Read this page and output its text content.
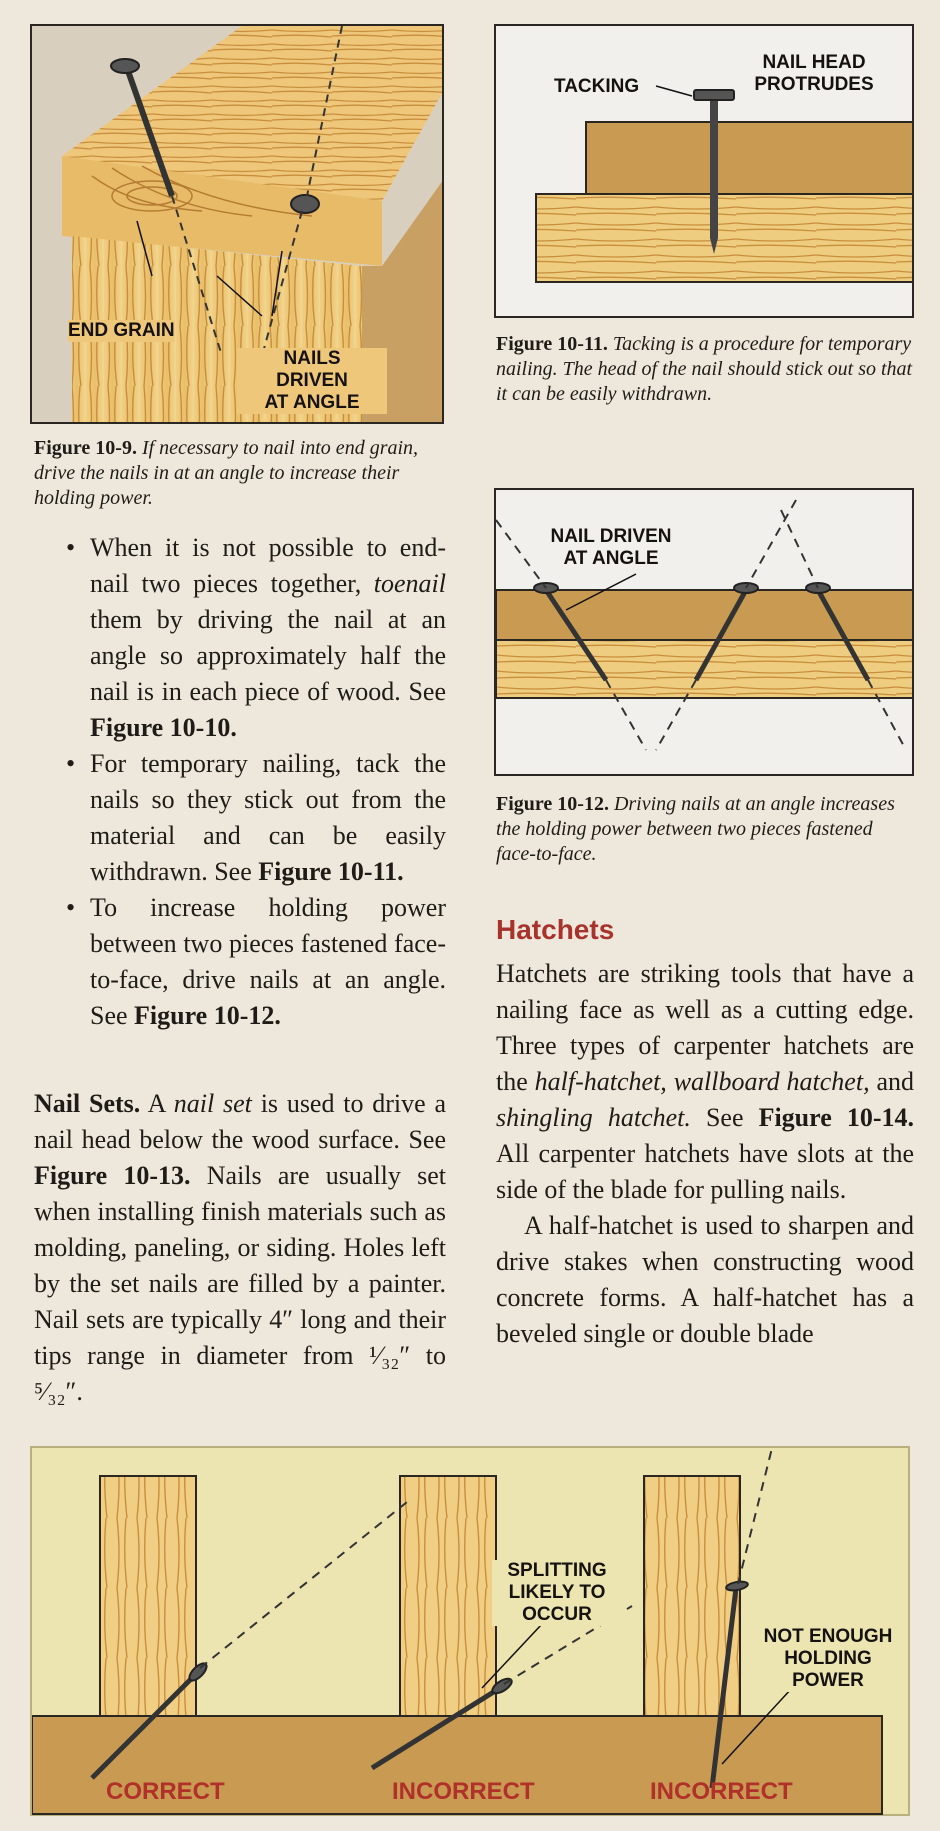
END GRAIN
NAILS
DRIVEN
AT ANGLE
Figure 10-9. If necessary to nail into end grain, drive the nails in at an angle to increase their holding power.
TACKING
NAIL HEAD
PROTRUDES
Figure 10-11. Tacking is a procedure for temporary nailing. The head of the nail should stick out so that it can be easily withdrawn.
NAIL DRIVEN
AT ANGLE
Figure 10-12. Driving nails at an angle increases the holding power between two pieces fastened face-to-face.
• When it is not possible to end-nail two pieces together, toenail them by driving the nail at an angle so approximately half the nail is in each piece of wood. See Figure 10-10.
• For temporary nailing, tack the nails so they stick out from the material and can be easily withdrawn. See Figure 10-11.
• To increase holding power between two pieces fastened face-to-face, drive nails at an angle. See Figure 10-12.

Nail Sets. A nail set is used to drive a nail head below the wood surface. See Figure 10-13. Nails are usually set when installing finish materials such as molding, paneling, or siding. Holes left by the set nails are filled by a painter. Nail sets are typically 4″ long and their tips range in diameter from ¹⁄₃₂″ to ⁵⁄₃₂″.

Hatchets

Hatchets are striking tools that have a nailing face as well as a cutting edge. Three types of carpenter hatchets are the half-hatchet, wallboard hatchet, and shingling hatchet. See Figure 10-14. All carpenter hatchets have slots at the side of the blade for pulling nails.

A half-hatchet is used to sharpen and drive stakes when constructing wood concrete forms. A half-hatchet has a beveled single or double blade

SPLITTING
LIKELY TO
OCCUR
NOT ENOUGH
HOLDING
POWER
CORRECT	INCORRECT	INCORRECT
